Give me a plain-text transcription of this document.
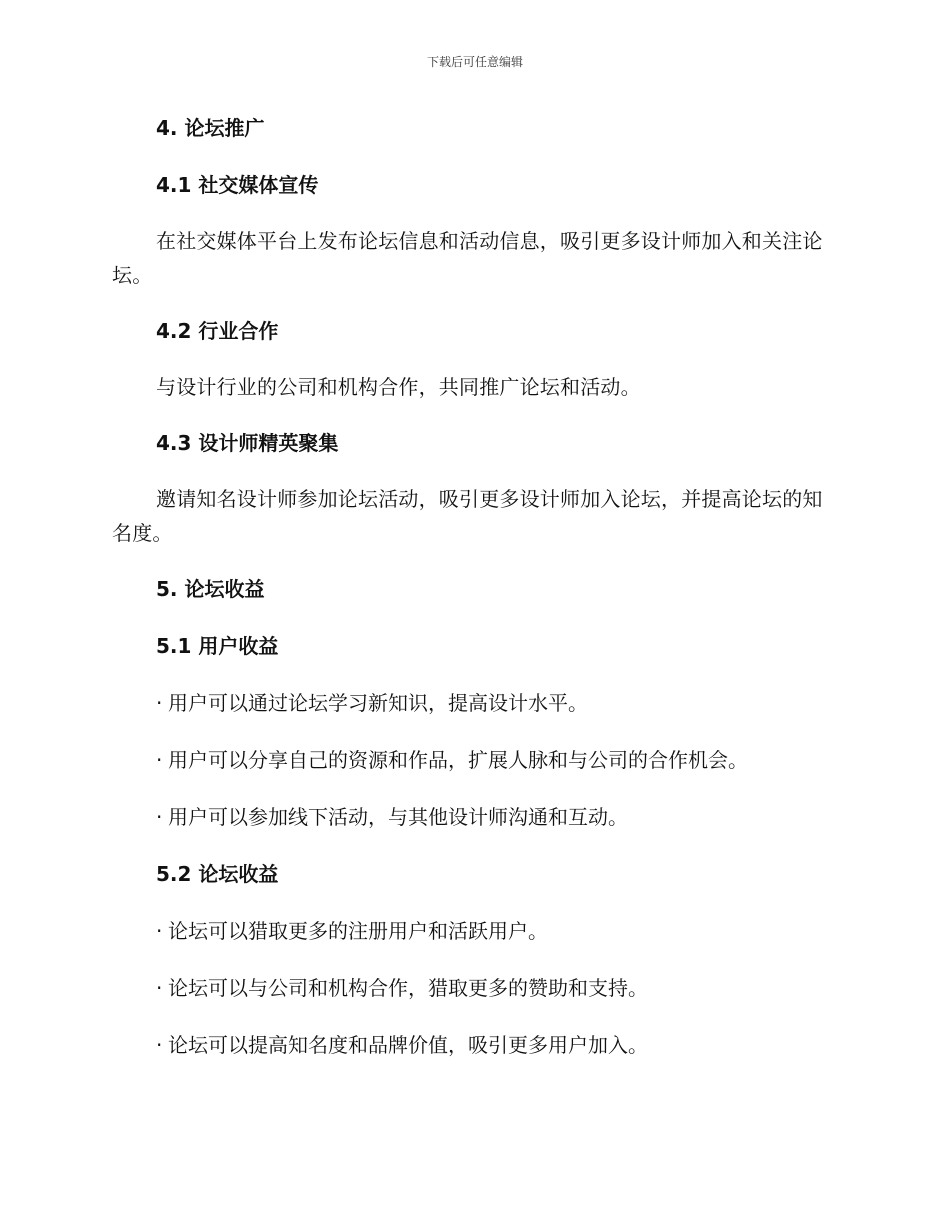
下载后可任意编辑
4. 论坛推广
4.1 社交媒体宣传
在社交媒体平台上发布论坛信息和活动信息，吸引更多设计师加入和关注论坛。
4.2 行业合作
与设计行业的公司和机构合作，共同推广论坛和活动。
4.3 设计师精英聚集
邀请知名设计师参加论坛活动，吸引更多设计师加入论坛，并提高论坛的知名度。
5. 论坛收益
5.1 用户收益
· 用户可以通过论坛学习新知识，提高设计水平。
· 用户可以分享自己的资源和作品，扩展人脉和与公司的合作机会。
· 用户可以参加线下活动，与其他设计师沟通和互动。
5.2 论坛收益
· 论坛可以猎取更多的注册用户和活跃用户。
· 论坛可以与公司和机构合作，猎取更多的赞助和支持。
· 论坛可以提高知名度和品牌价值，吸引更多用户加入。
